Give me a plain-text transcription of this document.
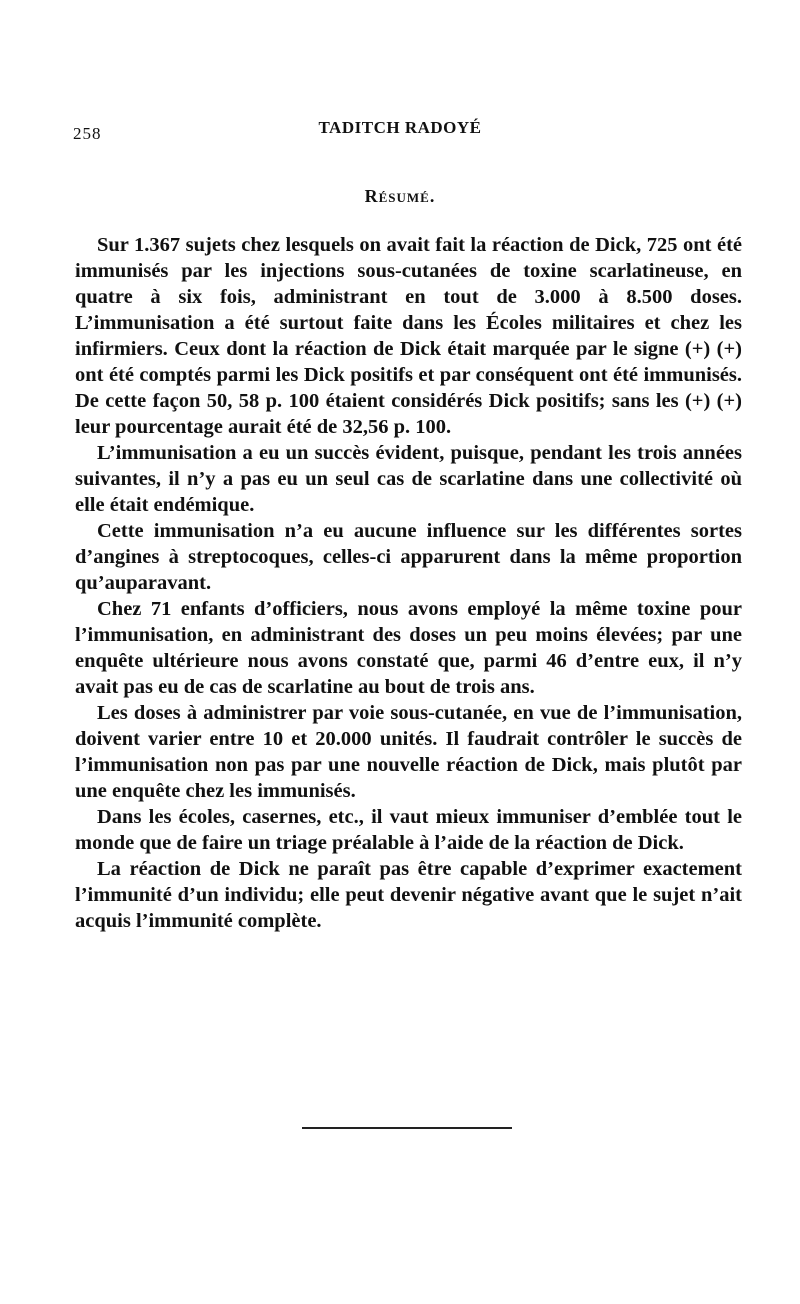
258	TADITCH RADOYÉ
Résumé.

Sur 1.367 sujets chez lesquels on avait fait la réaction de Dick, 725 ont été immunisés par les injections sous-cutanées de toxine scarlatineuse, en quatre à six fois, administrant en tout de 3.000 à 8.500 doses. L’immunisation a été surtout faite dans les Écoles militaires et chez les infirmiers. Ceux dont la réaction de Dick était marquée par le signe (+) (+) ont été comptés parmi les Dick positifs et par conséquent ont été immunisés. De cette façon 50, 58 p. 100 étaient considérés Dick positifs; sans les (+) (+) leur pourcentage aurait été de 32,56 p. 100.

L’immunisation a eu un succès évident, puisque, pendant les trois années suivantes, il n’y a pas eu un seul cas de scarlatine dans une collectivité où elle était endémique.

Cette immunisation n’a eu aucune influence sur les différentes sortes d’angines à streptocoques, celles-ci apparurent dans la même proportion qu’auparavant.

Chez 71 enfants d’officiers, nous avons employé la même toxine pour l’immunisation, en administrant des doses un peu moins élevées; par une enquête ultérieure nous avons constaté que, parmi 46 d’entre eux, il n’y avait pas eu de cas de scarlatine au bout de trois ans.

Les doses à administrer par voie sous-cutanée, en vue de l’immunisation, doivent varier entre 10 et 20.000 unités. Il faudrait contrôler le succès de l’immunisation non pas par une nouvelle réaction de Dick, mais plutôt par une enquête chez les immunisés.

Dans les écoles, casernes, etc., il vaut mieux immuniser d’emblée tout le monde que de faire un triage préalable à l’aide de la réaction de Dick.

La réaction de Dick ne paraît pas être capable d’exprimer exactement l’immunité d’un individu; elle peut devenir négative avant que le sujet n’ait acquis l’immunité complète.
